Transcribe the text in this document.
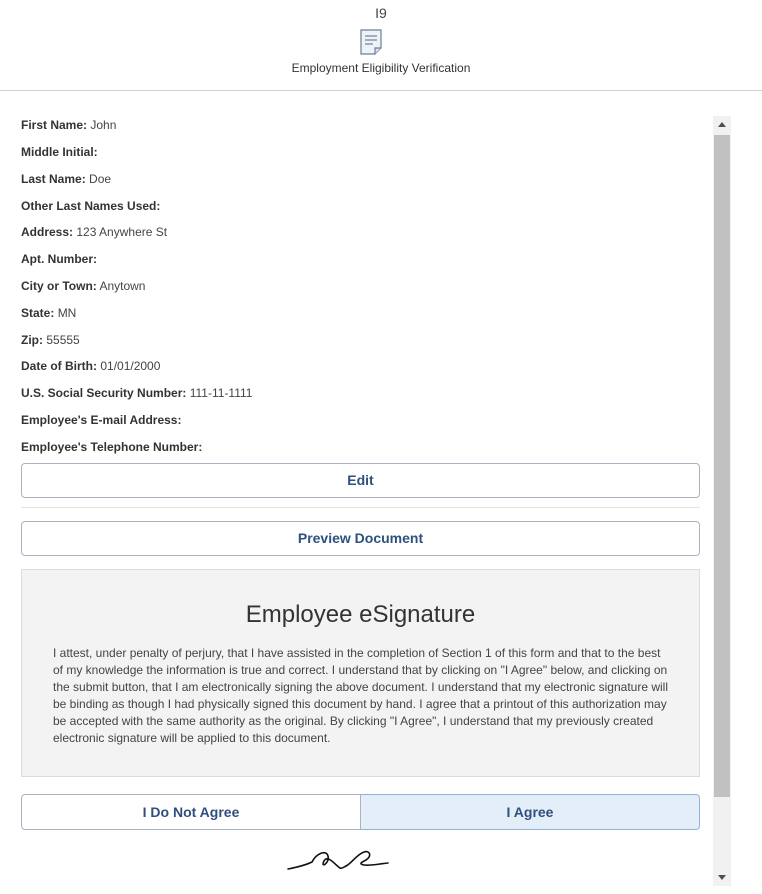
I9
Employment Eligibility Verification
First Name: John
Middle Initial:
Last Name: Doe
Other Last Names Used:
Address: 123 Anywhere St
Apt. Number:
City or Town: Anytown
State: MN
Zip: 55555
Date of Birth: 01/01/2000
U.S. Social Security Number: 111-11-1111
Employee's E-mail Address:
Employee's Telephone Number:
Edit
Preview Document
Employee eSignature
I attest, under penalty of perjury, that I have assisted in the completion of Section 1 of this form and that to the best of my knowledge the information is true and correct. I understand that by clicking on "I Agree" below, and clicking on the submit button, that I am electronically signing the above document. I understand that my electronic signature will be binding as though I had physically signed this document by hand. I agree that a printout of this authorization may be accepted with the same authority as the original. By clicking "I Agree", I understand that my previously created electronic signature will be applied to this document.
I Do Not Agree	I Agree
